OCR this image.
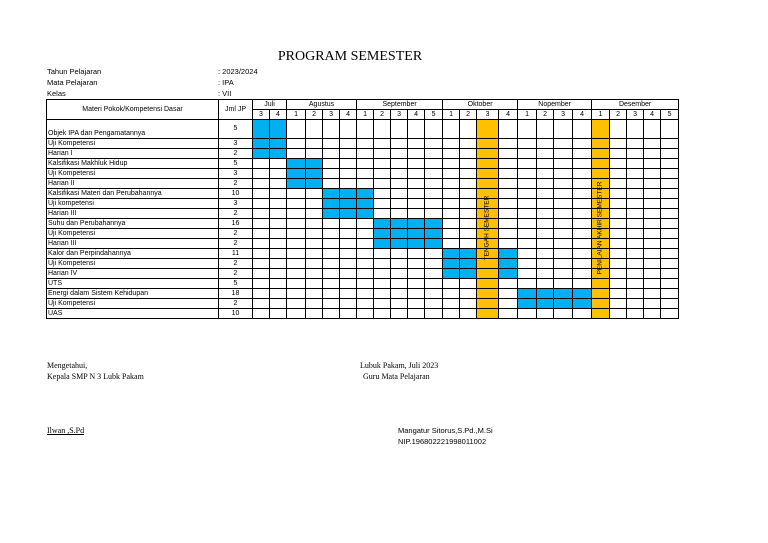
PROGRAM SEMESTER
Tahun Pelajaran	: 2023/2024
Mata Pelajaran	: IPA
Kelas	: VII
Materi Pokok/Kompetensi Dasar	Jml JP	Juli		Agustus				September					Oktober				Nopember				Desember				
		3	4	1	2	3	4	1	2	3	4	5	1	2	3	4	1	2	3	4	1	2	3	4	5
Objek IPA dan Pengamatannya	5																								
Uji Kompetensi	3																								
Harian I	2																								
Kalsifikasi Makhluk Hidup	5																								
Uji Kompetensi	3																								
Harian II	2																								
Kalsifikasi Materi dan Perubahannya	10																								
Uji kompetensi	3																								
Harian III	2																								
Suhu dan Perubahannya	16																								
Uji Kompetensi	2																								
Harian III	2																								
Kalor dan Perpindahannya	11																								
Uji Kompetensi	2																								
Harian IV	2																								
UTS	5																								
Energi dalam Sistem Kehidupan	18																								
Uji Kompetensi	2																								
UAS	10																								
TENGAH SEMESTER	PENILAIAN AKHIR SEMESTER
Mengetahui,
Kepala SMP N 3 Lubk Pakam
Ilwan ,S.Pd
Lubuk Pakam, Juli 2023
Guru Mata Pelajaran
Mangatur Sitorus,S.Pd.,M.Si
NIP.196802221998011002
